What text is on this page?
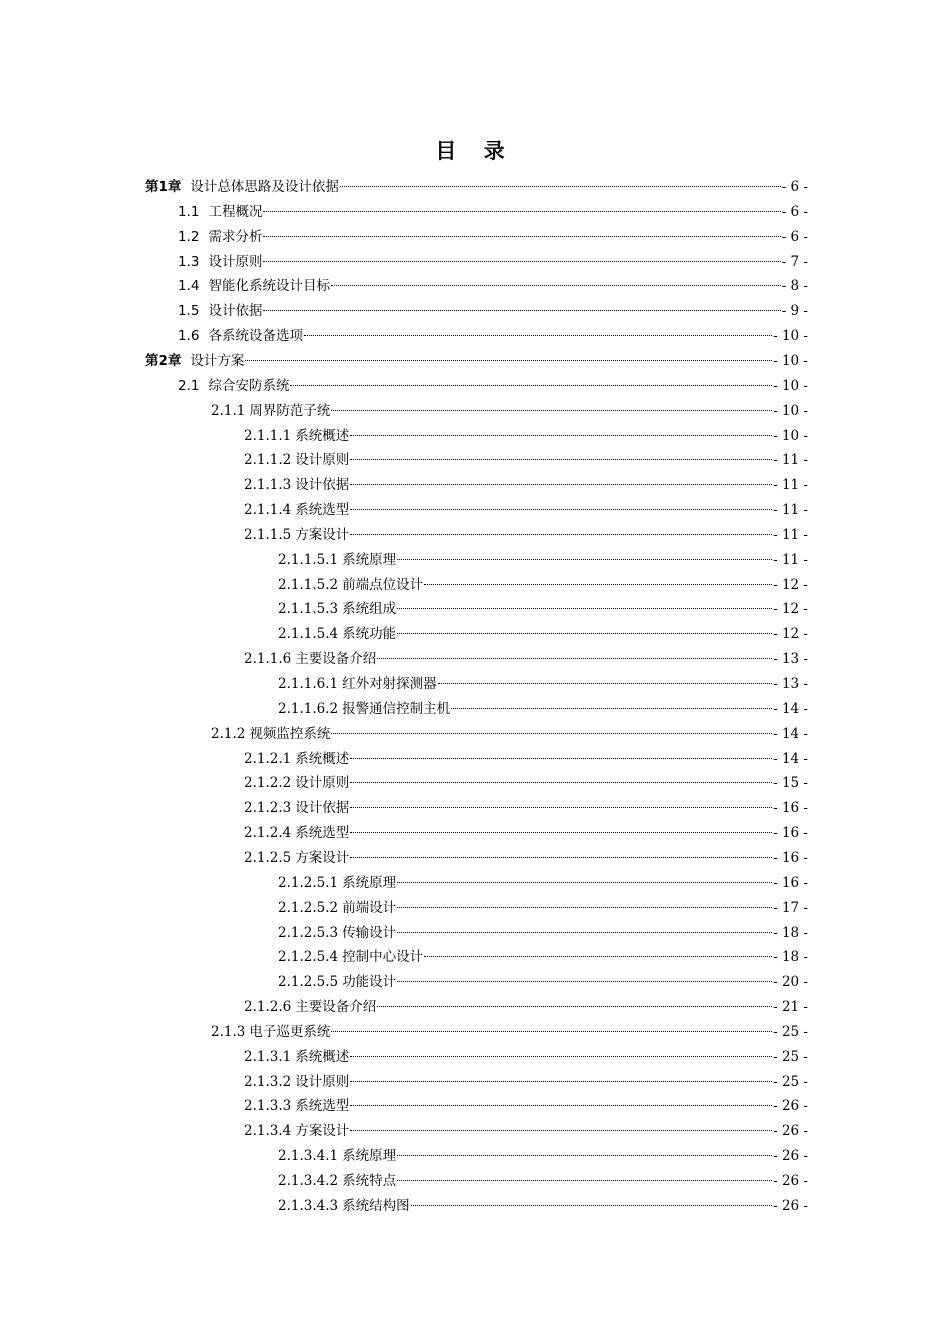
目 录
第1章 设计总体思路及设计依据	- 6 -
1.1 工程概况	- 6 -
1.2 需求分析	- 6 -
1.3 设计原则	- 7 -
1.4 智能化系统设计目标	- 8 -
1.5 设计依据	- 9 -
1.6 各系统设备选项	- 10 -
第2章 设计方案	- 10 -
2.1 综合安防系统	- 10 -
2.1.1 周界防范子统	- 10 -
2.1.1.1 系统概述	- 10 -
2.1.1.2 设计原则	- 11 -
2.1.1.3 设计依据	- 11 -
2.1.1.4 系统选型	- 11 -
2.1.1.5 方案设计	- 11 -
2.1.1.5.1 系统原理	- 11 -
2.1.1.5.2 前端点位设计	- 12 -
2.1.1.5.3 系统组成	- 12 -
2.1.1.5.4 系统功能	- 12 -
2.1.1.6 主要设备介绍	- 13 -
2.1.1.6.1 红外对射探测器	- 13 -
2.1.1.6.2 报警通信控制主机	- 14 -
2.1.2 视频监控系统	- 14 -
2.1.2.1 系统概述	- 14 -
2.1.2.2 设计原则	- 15 -
2.1.2.3 设计依据	- 16 -
2.1.2.4 系统选型	- 16 -
2.1.2.5 方案设计	- 16 -
2.1.2.5.1 系统原理	- 16 -
2.1.2.5.2 前端设计	- 17 -
2.1.2.5.3 传输设计	- 18 -
2.1.2.5.4 控制中心设计	- 18 -
2.1.2.5.5 功能设计	- 20 -
2.1.2.6 主要设备介绍	- 21 -
2.1.3 电子巡更系统	- 25 -
2.1.3.1 系统概述	- 25 -
2.1.3.2 设计原则	- 25 -
2.1.3.3 系统选型	- 26 -
2.1.3.4 方案设计	- 26 -
2.1.3.4.1 系统原理	- 26 -
2.1.3.4.2 系统特点	- 26 -
2.1.3.4.3 系统结构图	- 26 -
